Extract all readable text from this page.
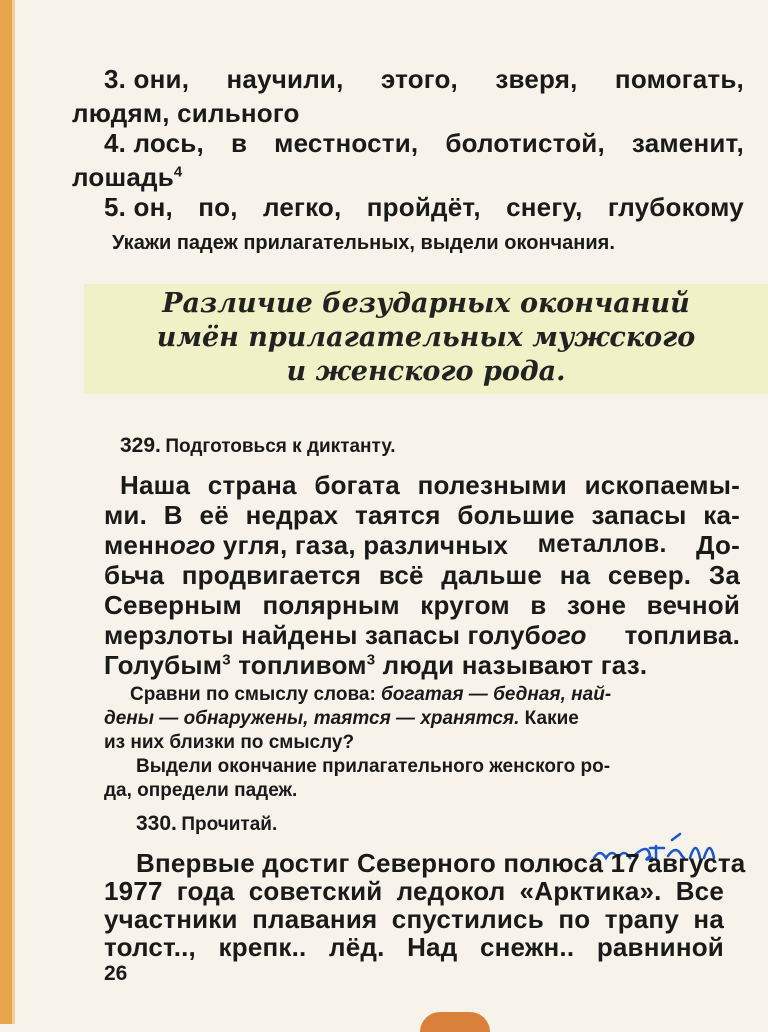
3. они, научили, этого, зверя, помогать,
людям, сильного
4. лось, в местности, болотистой, заменит,
лошадь$^4$
5. он, по, легко, пройдёт, снегу, глубокому
Укажи падеж прилагательных, выдели окончания.
Различие безударных окончаний
имён прилагательных мужского
и женского рода.
329. Подготовься к диктанту.
Наша страна богата полезными ископаемы-
ми. В её недрах таятся большие запасы ка-
менного угля, газа, различных металлов. До-
бьча продвигается всё дальше на север. За
Северным полярным кругом в зоне вечной
мерзлоты найдены запасы голубого топлива.
Голубым$^3$ топливом$^3$ люди называют газ.
Сравни по смыслу слова: богатая — бедная, най-
дены — обнаружены, таятся — хранятся. Какие
из них близки по смыслу?
Выдели окончание прилагательного женского ро-
да, определи падеж.
330. Прочитай.
Впервые достиг Северного полюса 17 августа
1977 года советский ледокол «Арктика». Все
участники плавания спустились по трапу на
толст.., крепк.. лёд. Над снежн.. равниной
26
